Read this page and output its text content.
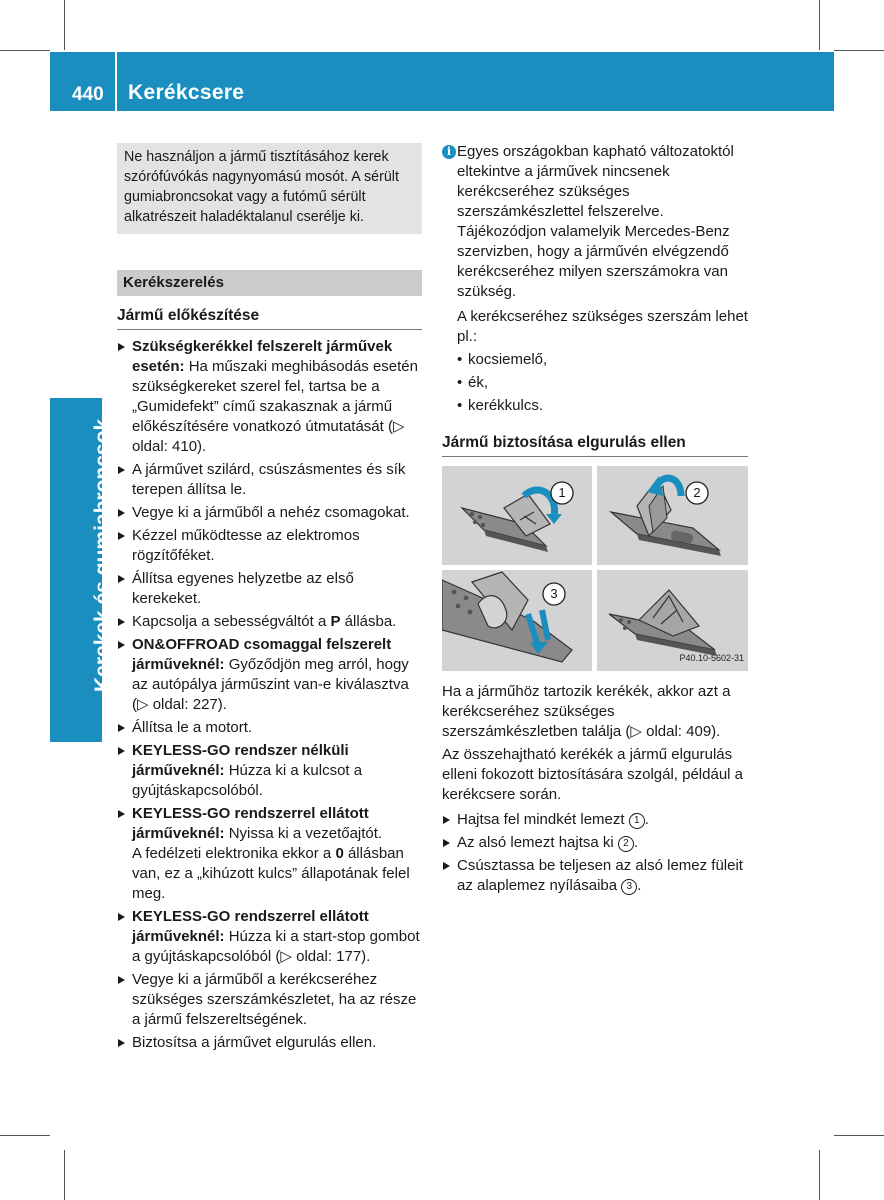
440 Kerékcsere
Kerekek és gumiabroncsok
Ne használjon a jármű tisztításához kerek szórófúvókás nagynyomású mosót. A sérült gumiabroncsokat vagy a futómű sérült alkatrészeit haladéktalanul cserélje ki.
Kerékszerelés
Jármű előkészítése
Szükségkerékkel felszerelt járművek esetén: Ha műszaki meghibásodás esetén szükségkereket szerel fel, tartsa be a „Gumidefekt” című szakasznak a jármű előkészítésére vonatkozó útmutatását (▷ oldal: 410).
A járművet szilárd, csúszásmentes és sík terepen állítsa le.
Vegye ki a járműből a nehéz csomagokat.
Kézzel működtesse az elektromos rögzítőféket.
Állítsa egyenes helyzetbe az első kerekeket.
Kapcsolja a sebességváltót a P állásba.
ON&OFFROAD csomaggal felszerelt járműveknél: Győződjön meg arról, hogy az autópálya járműszint van-e kiválasztva (▷ oldal: 227).
Állítsa le a motort.
KEYLESS-GO rendszer nélküli járműveknél: Húzza ki a kulcsot a gyújtáskapcsolóból.
KEYLESS-GO rendszerrel ellátott járműveknél: Nyissa ki a vezetőajtót.
A fedélzeti elektronika ekkor a 0 állásban van, ez a „kihúzott kulcs” állapotának felel meg.
KEYLESS-GO rendszerrel ellátott járműveknél: Húzza ki a start-stop gombot a gyújtáskapcsolóból (▷ oldal: 177).
Vegye ki a járműből a kerékcseréhez szükséges szerszámkészletet, ha az része a jármű felszereltségének.
Biztosítsa a járművet elgurulás ellen.
i Egyes országokban kapható változatoktól eltekintve a járművek nincsenek kerékcseréhez szükséges szerszámkészlettel felszerelve. Tájékozódjon valamelyik Mercedes-Benz szervizben, hogy a járművén elvégzendő kerékcseréhez milyen szerszámokra van szükség.
A kerékcseréhez szükséges szerszám lehet pl.:
• kocsiemelő,
• ék,
• kerékkulcs.
Jármű biztosítása elgurulás ellen
1	2
3
P40.10-5602-31
Ha a járműhöz tartozik kerékék, akkor azt a kerékcseréhez szükséges szerszámkészletben találja (▷ oldal: 409).
Az összehajtható kerékék a jármű elgurulás elleni fokozott biztosítására szolgál, például a kerékcsere során.
Hajtsa fel mindkét lemezt 1 .
Az alsó lemezt hajtsa ki 2 .
Csúsztassa be teljesen az alsó lemez füleit az alaplemez nyílásaiba 3 .
